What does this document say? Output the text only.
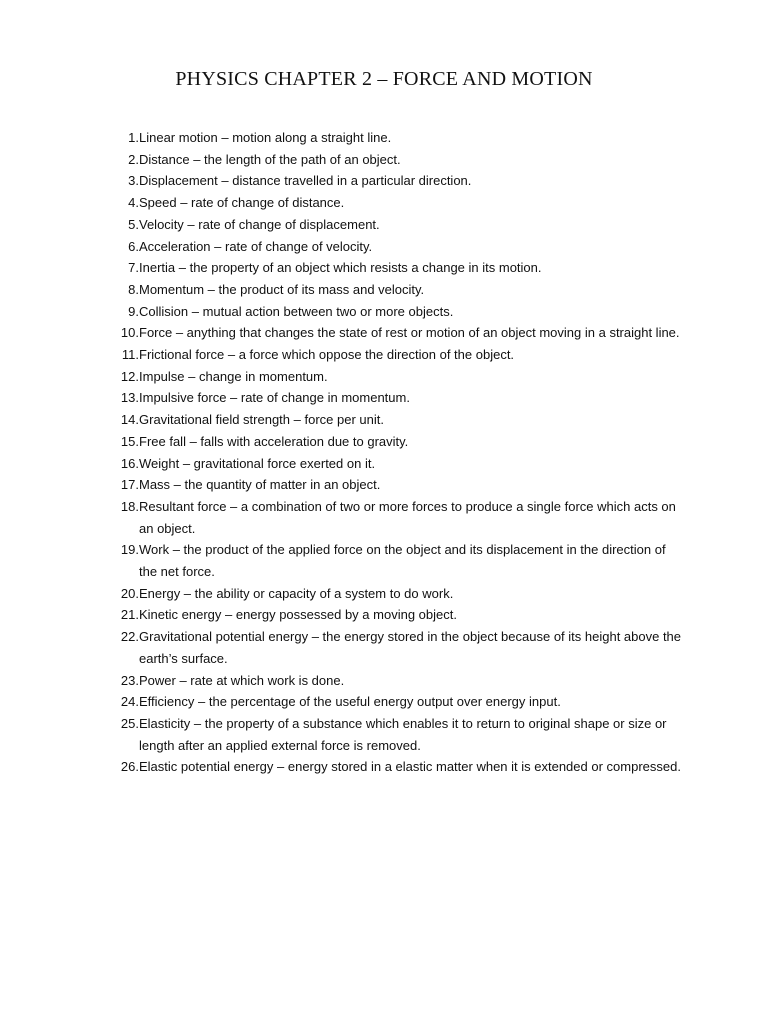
PHYSICS CHAPTER 2 – FORCE AND MOTION
1. Linear motion – motion along a straight line.
2. Distance – the length of the path of an object.
3. Displacement – distance travelled in a particular direction.
4. Speed – rate of change of distance.
5. Velocity – rate of change of displacement.
6. Acceleration – rate of change of velocity.
7. Inertia – the property of an object which resists a change in its motion.
8. Momentum – the product of its mass and velocity.
9. Collision – mutual action between two or more objects.
10. Force – anything that changes the state of rest or motion of an object moving in a straight line.
11. Frictional force – a force which oppose the direction of the object.
12. Impulse – change in momentum.
13. Impulsive force – rate of change in momentum.
14. Gravitational field strength – force per unit.
15. Free fall – falls with acceleration due to gravity.
16. Weight – gravitational force exerted on it.
17. Mass – the quantity of matter in an object.
18. Resultant force – a combination of two or more forces to produce a single force which acts on an object.
19. Work – the product of the applied force on the object and its displacement in the direction of the net force.
20. Energy – the ability or capacity of a system to do work.
21. Kinetic energy – energy possessed by a moving object.
22. Gravitational potential energy – the energy stored in the object because of its height above the earth’s surface.
23. Power – rate at which work is done.
24. Efficiency – the percentage of the useful energy output over energy input.
25. Elasticity – the property of a substance which enables it to return to original shape or size or length after an applied external force is removed.
26. Elastic potential energy – energy stored in a elastic matter when it is extended or compressed.
